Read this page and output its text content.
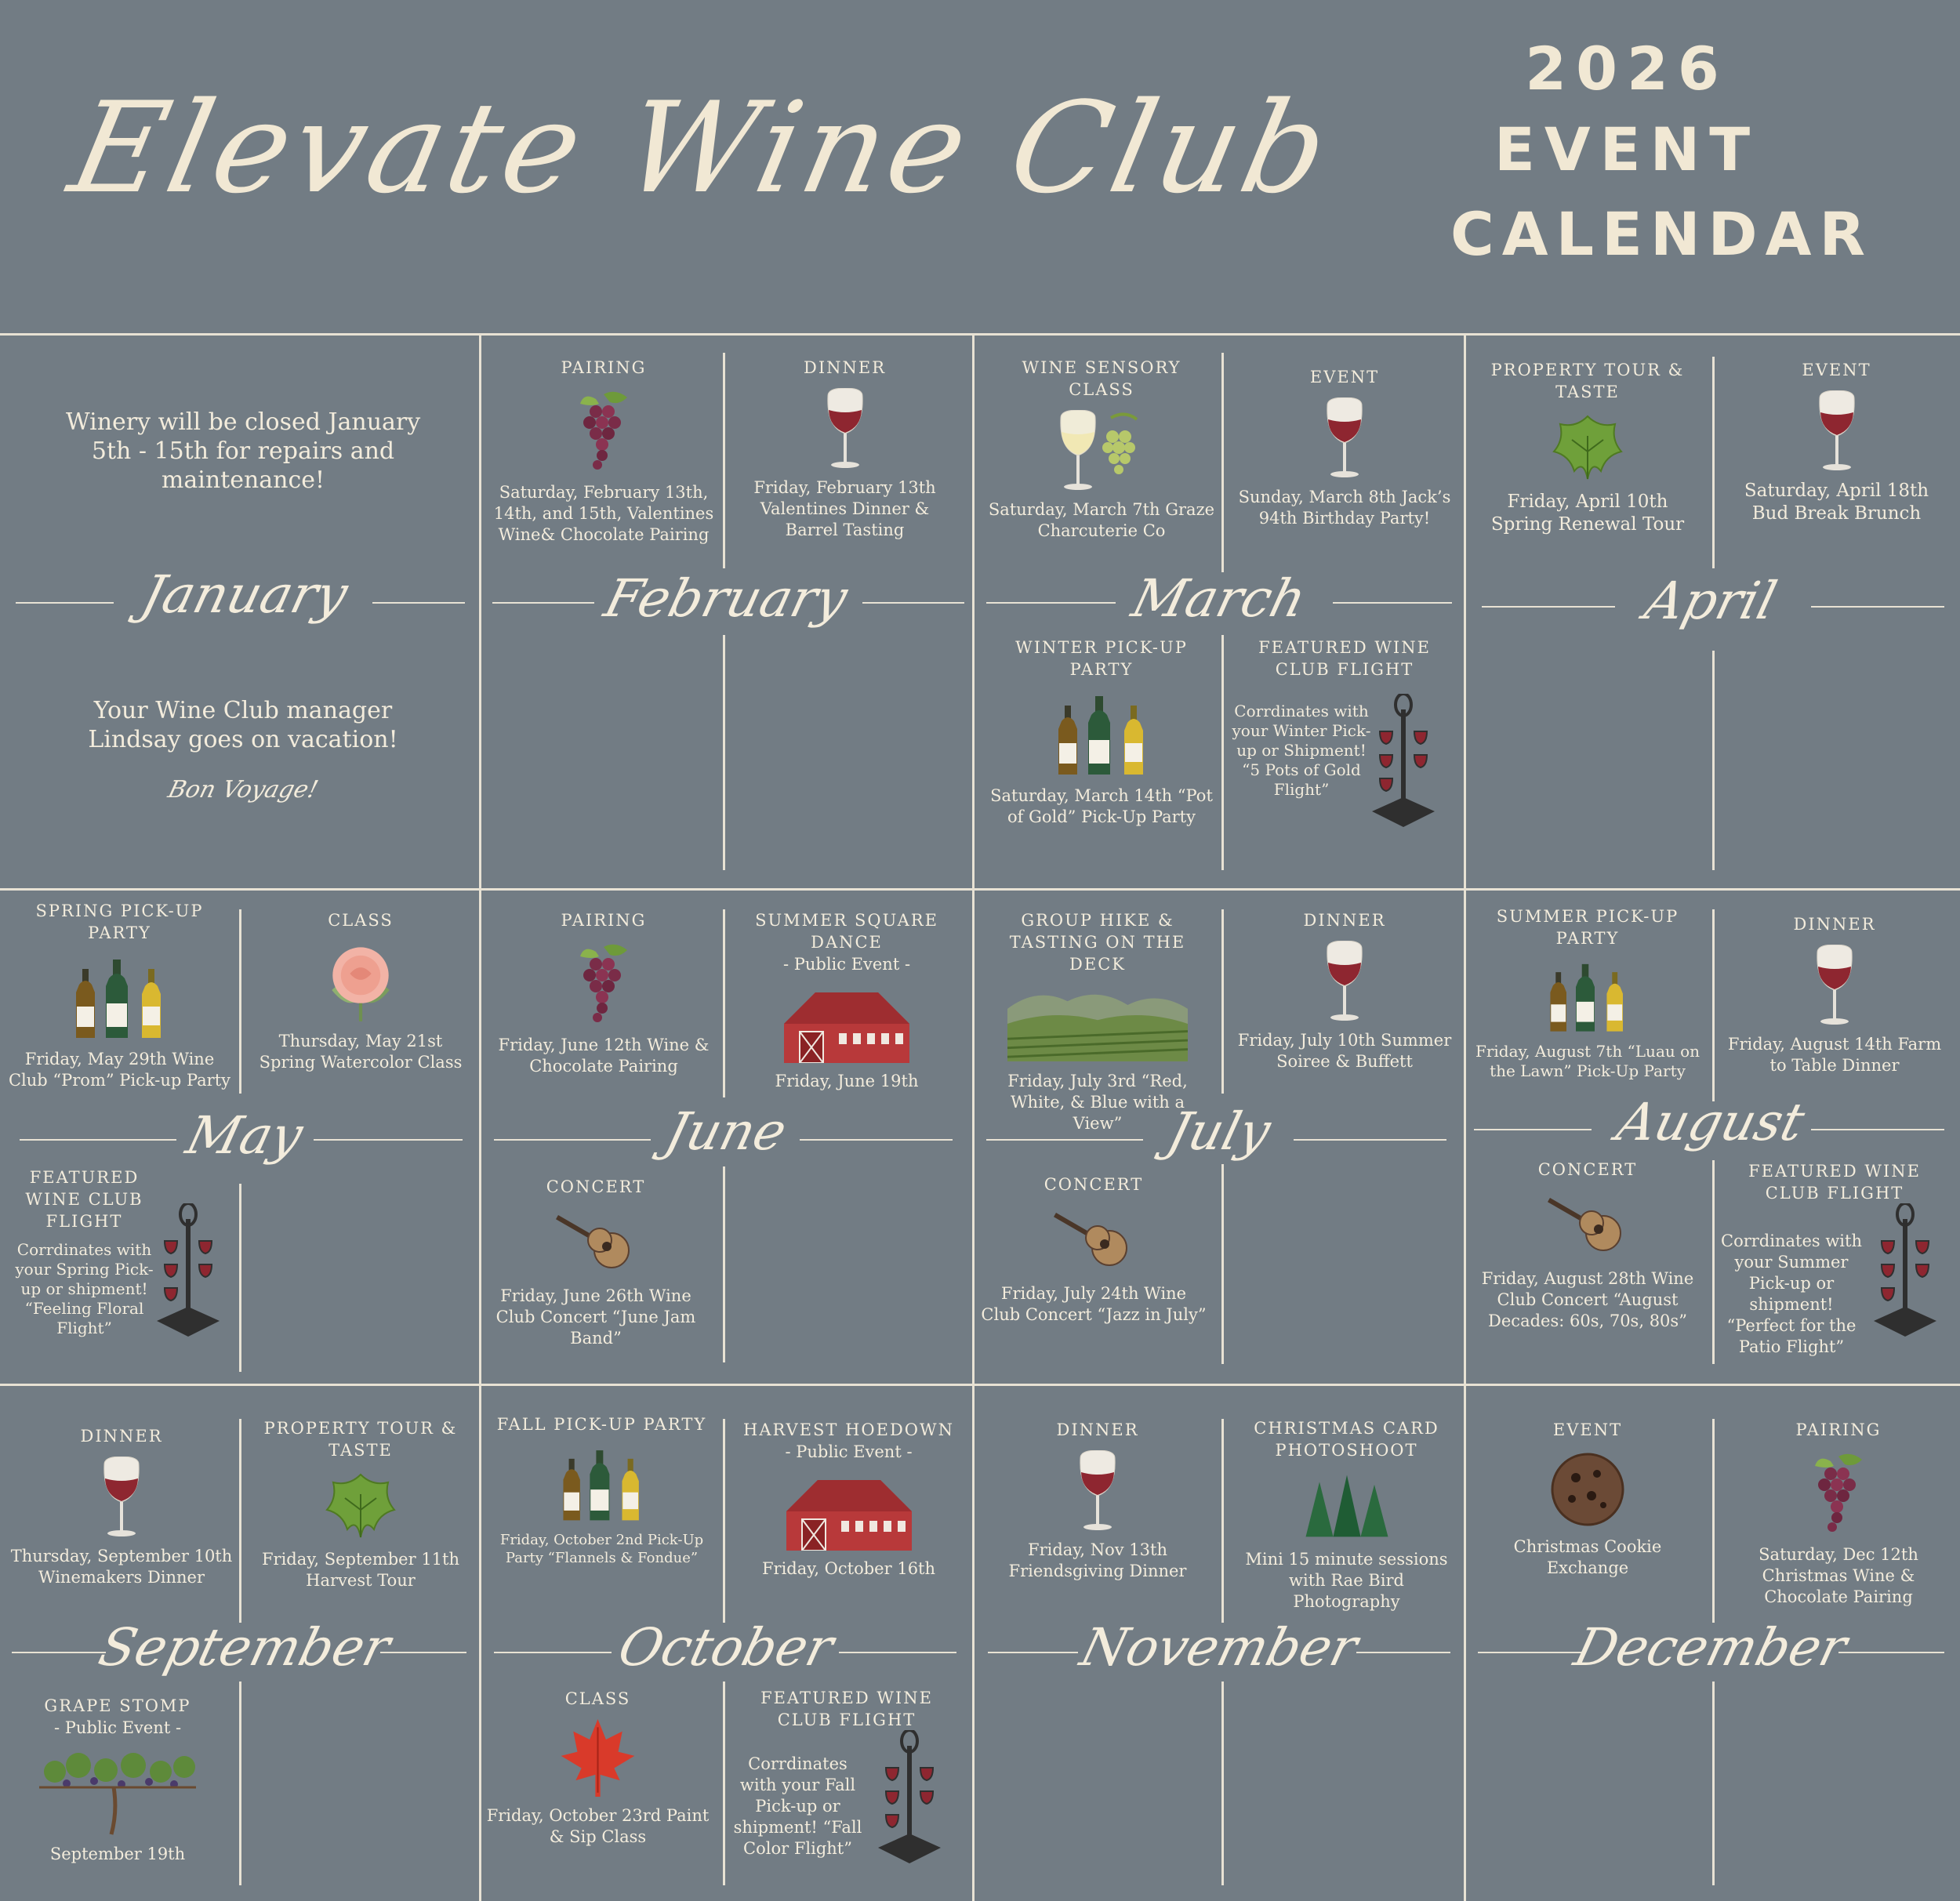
Elevate Wine Club
2026
EVENT
CALENDAR
January	February	March	April
May	June	July	August
September	October	November	December
Winery will be closed January 5th - 15th for repairs and maintenance!
Your Wine Club manager Lindsay goes on vacation!
Bon Voyage!
PAIRING
Saturday, February 13th, 14th, and 15th, Valentines Wine& Chocolate Pairing
DINNER
Friday, February 13th Valentines Dinner & Barrel Tasting
WINE SENSORY CLASS
Saturday, March 7th Graze Charcuterie Co
EVENT
Sunday, March 8th Jack’s 94th Birthday Party!
WINTER PICK-UP PARTY
Saturday, March 14th “Pot of Gold” Pick-Up Party
FEATURED WINE CLUB FLIGHT
Corrdinates with your Winter Pick-up or Shipment! “5 Pots of Gold Flight”
PROPERTY TOUR & TASTE
Friday, April 10th Spring Renewal Tour
EVENT
Saturday, April 18th Bud Break Brunch
SPRING PICK-UP PARTY
Friday, May 29th Wine Club “Prom” Pick-up Party
CLASS
Thursday, May 21st Spring Watercolor Class
FEATURED WINE CLUB FLIGHT
Corrdinates with your Spring Pick-up or shipment! “Feeling Floral Flight”
PAIRING
Friday, June 12th Wine & Chocolate Pairing
SUMMER SQUARE DANCE
- Public Event -
Friday, June 19th
CONCERT
Friday, June 26th Wine Club Concert “June Jam Band”
GROUP HIKE & TASTING ON THE DECK
Friday, July 3rd “Red, White, & Blue with a View”
DINNER
Friday, July 10th Summer Soiree & Buffett
CONCERT
Friday, July 24th Wine Club Concert “Jazz in July”
SUMMER PICK-UP PARTY
Friday, August 7th “Luau on the Lawn” Pick-Up Party
DINNER
Friday, August 14th Farm to Table Dinner
CONCERT
Friday, August 28th Wine Club Concert “August Decades: 60s, 70s, 80s”
FEATURED WINE CLUB FLIGHT
Corrdinates with your Summer Pick-up or shipment! “Perfect for the Patio Flight”
DINNER
Thursday, September 10th Winemakers Dinner
PROPERTY TOUR & TASTE
Friday, September 11th Harvest Tour
GRAPE STOMP
- Public Event -
September 19th
FALL PICK-UP PARTY
Friday, October 2nd Pick-Up Party “Flannels & Fondue”
HARVEST HOEDOWN
- Public Event -
Friday, October 16th
CLASS
Friday, October 23rd Paint & Sip Class
FEATURED WINE CLUB FLIGHT
Corrdinates with your Fall Pick-up or shipment! “Fall Color Flight”
DINNER
Friday, Nov 13th Friendsgiving Dinner
CHRISTMAS CARD PHOTOSHOOT
Mini 15 minute sessions with Rae Bird Photography
EVENT
Christmas Cookie Exchange
PAIRING
Saturday, Dec 12th Christmas Wine & Chocolate Pairing
